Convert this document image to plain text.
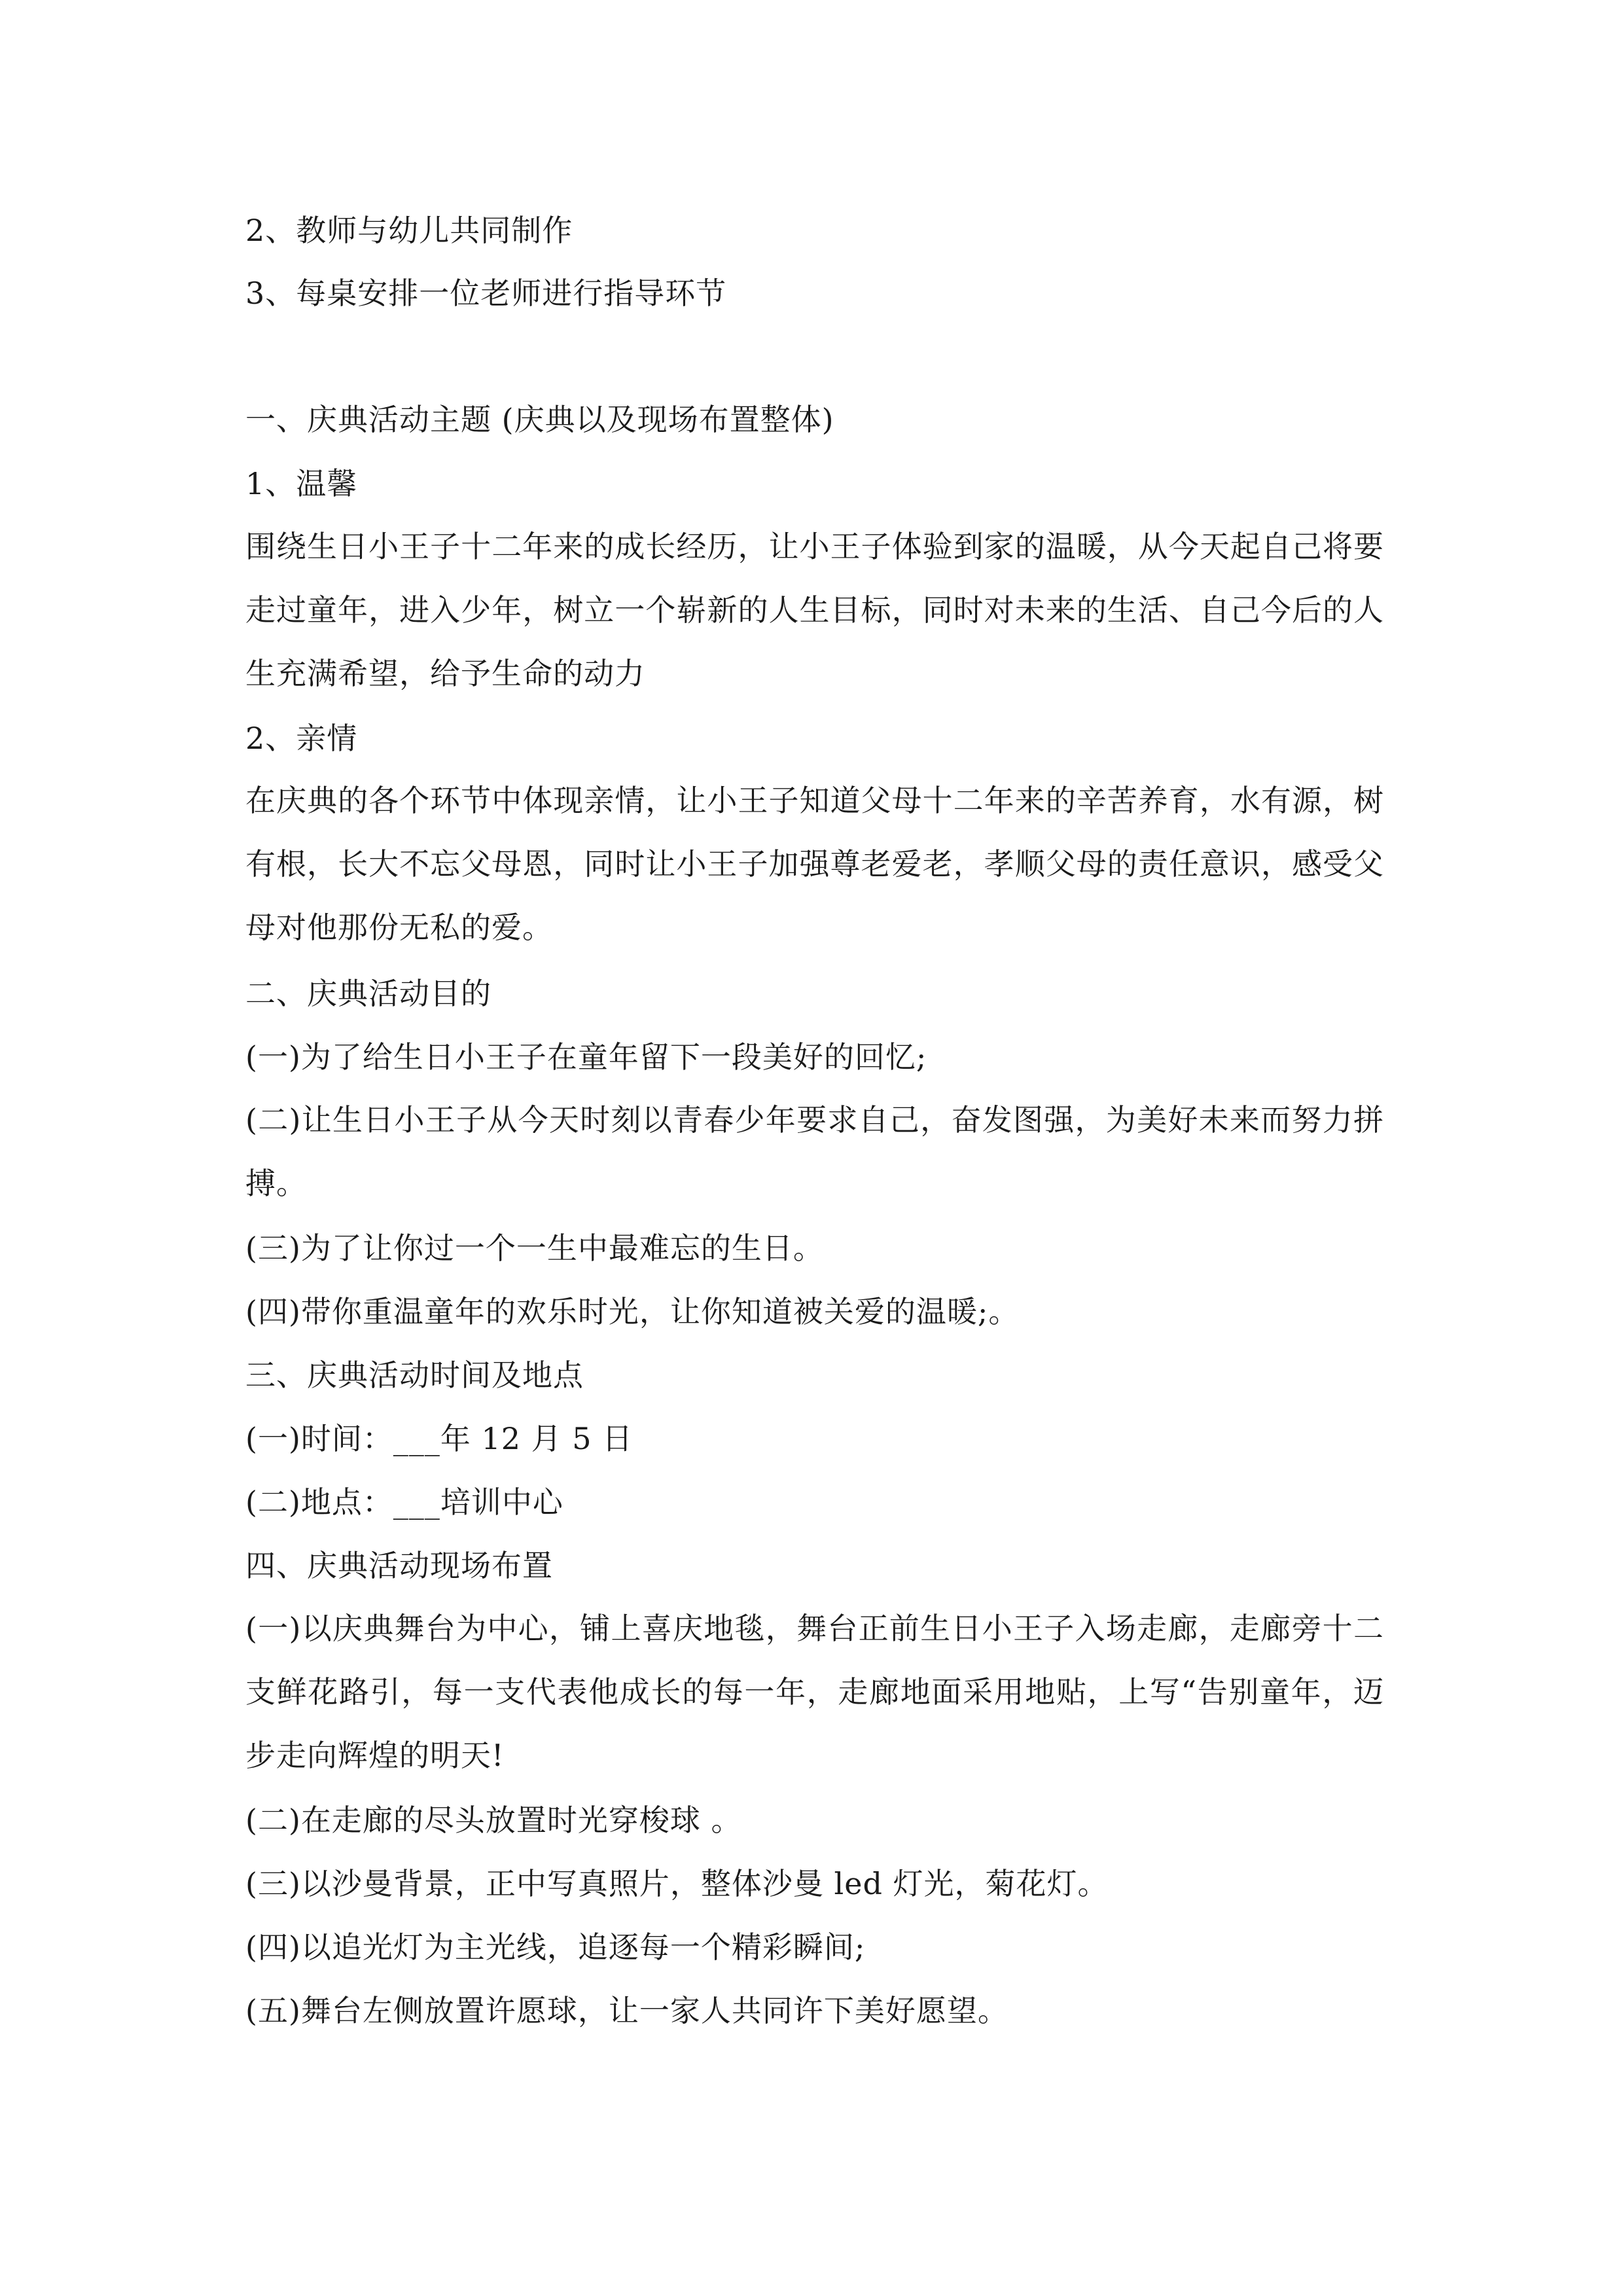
2、教师与幼儿共同制作
3、每桌安排一位老师进行指导环节
一、庆典活动主题 (庆典以及现场布置整体)
1、温馨
围绕生日小王子十二年来的成长经历，让小王子体验到家的温暖，从今天起自己将要走过童年，进入少年，树立一个崭新的人生目标，同时对未来的生活、自己今后的人生充满希望，给予生命的动力
2、亲情
在庆典的各个环节中体现亲情，让小王子知道父母十二年来的辛苦养育，水有源，树有根，长大不忘父母恩，同时让小王子加强尊老爱老，孝顺父母的责任意识，感受父母对他那份无私的爱。
二、庆典活动目的
(一)为了给生日小王子在童年留下一段美好的回忆;
(二)让生日小王子从今天时刻以青春少年要求自己，奋发图强，为美好未来而努力拼搏。
(三)为了让你过一个一生中最难忘的生日。
(四)带你重温童年的欢乐时光，让你知道被关爱的温暖;。
三、庆典活动时间及地点
(一)时间：___年 12 月 5 日
(二)地点：___培训中心
四、庆典活动现场布置
(一)以庆典舞台为中心，铺上喜庆地毯，舞台正前生日小王子入场走廊，走廊旁十二支鲜花路引，每一支代表他成长的每一年，走廊地面采用地贴，上写“告别童年，迈步走向辉煌的明天!
(二)在走廊的尽头放置时光穿梭球 。
(三)以沙曼背景，正中写真照片，整体沙曼 led 灯光，菊花灯。
(四)以追光灯为主光线，追逐每一个精彩瞬间;
(五)舞台左侧放置许愿球，让一家人共同许下美好愿望。
